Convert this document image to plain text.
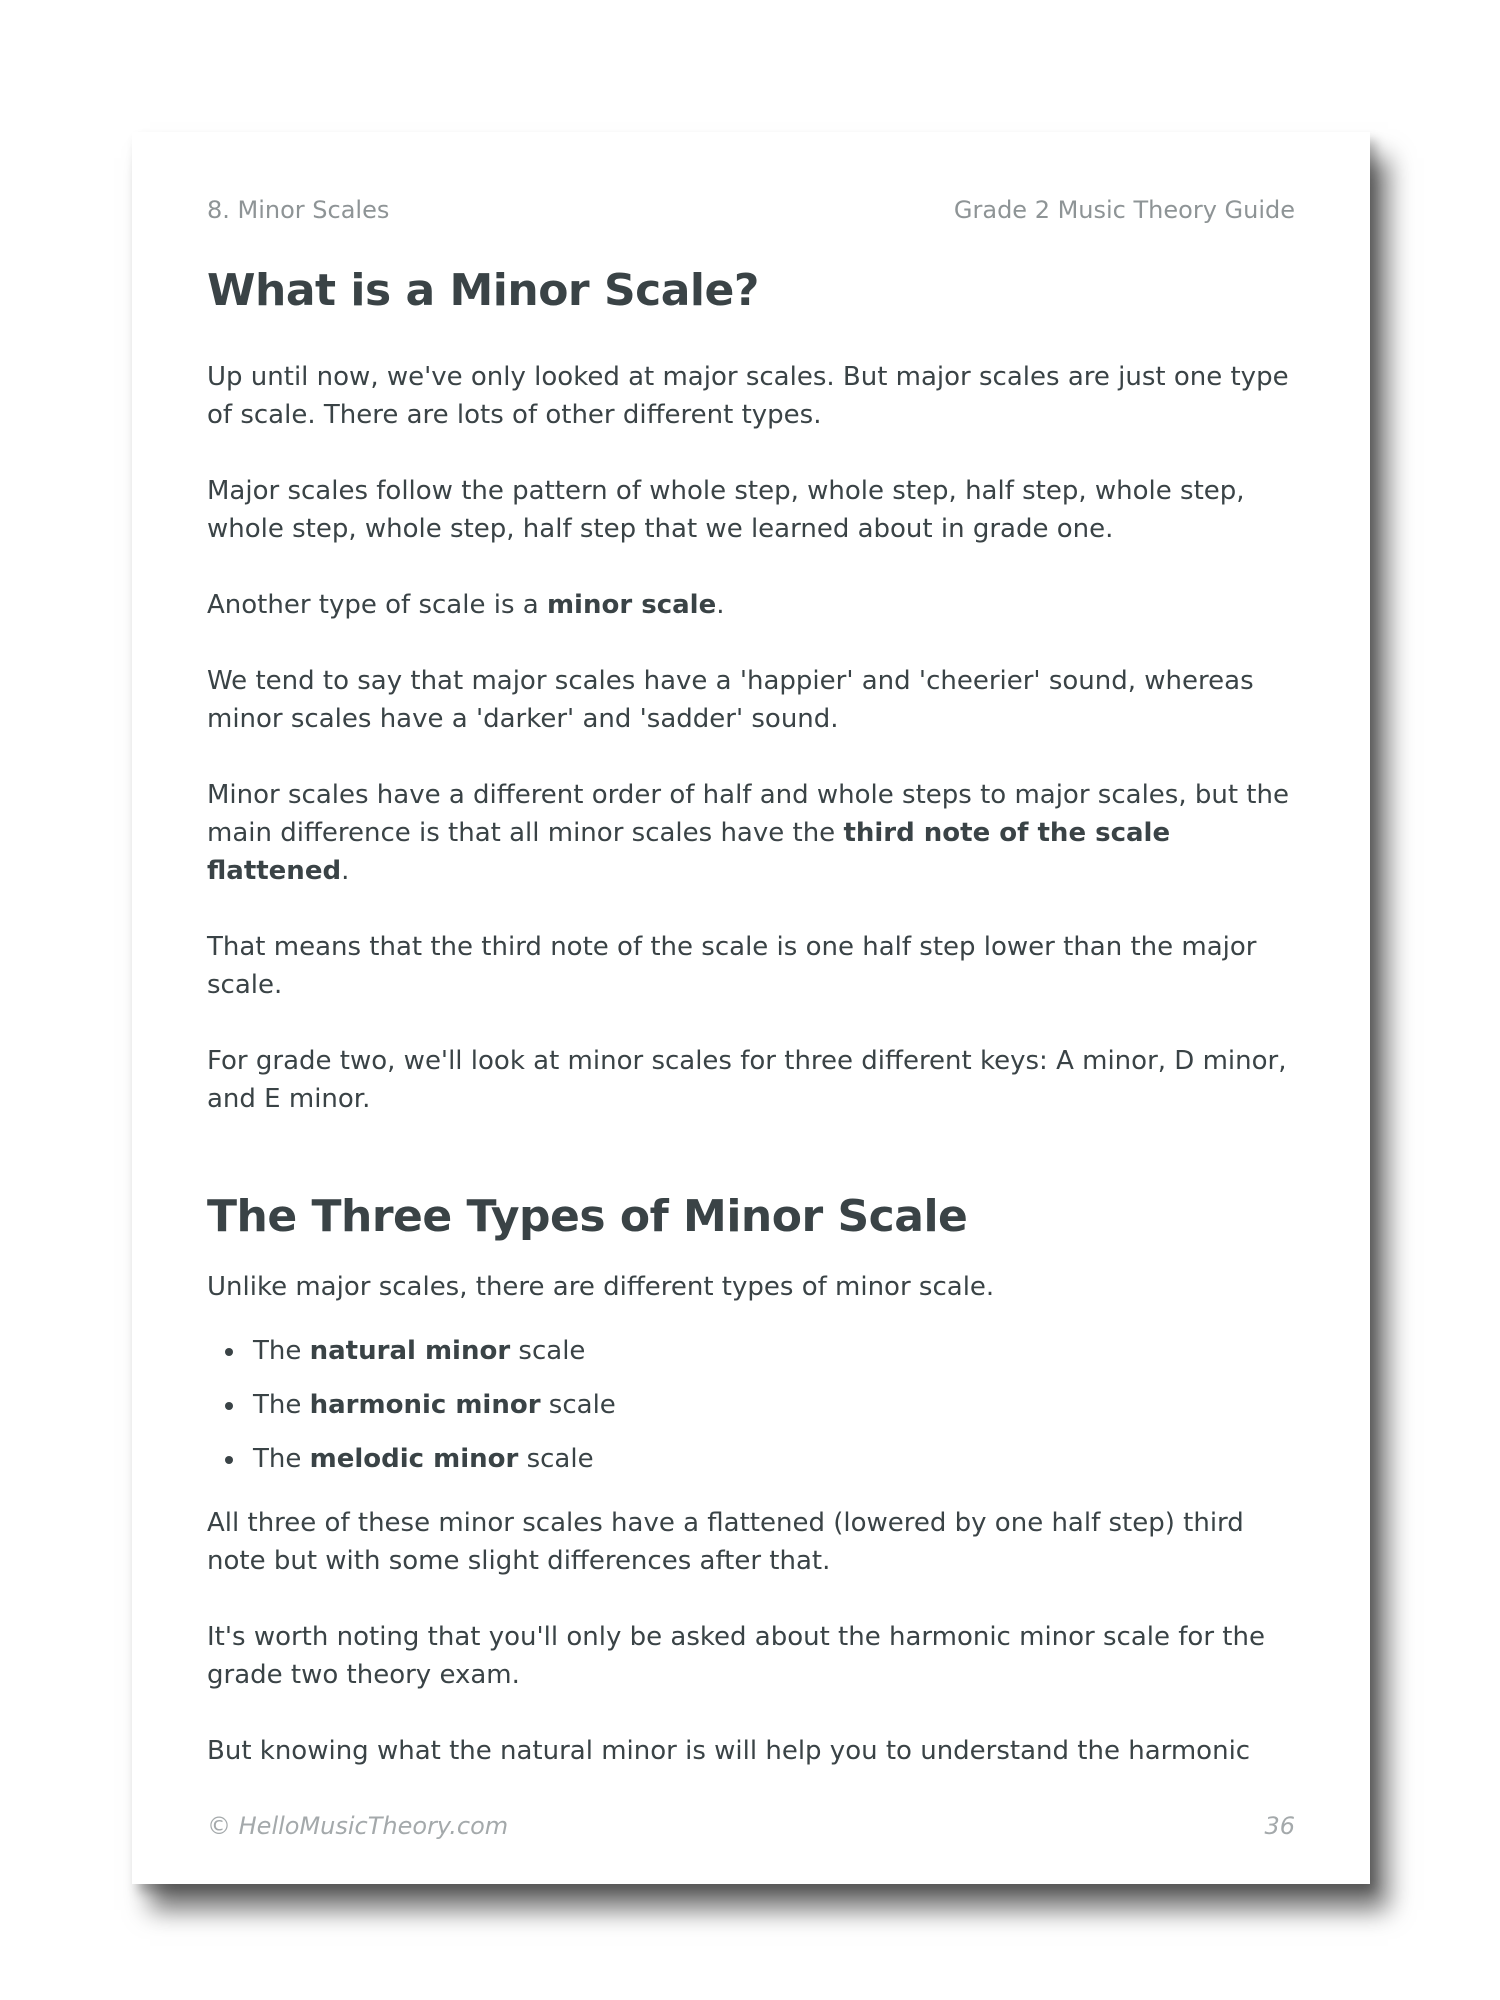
8. Minor Scales	Grade 2 Music Theory Guide
What is a Minor Scale?

Up until now, we've only looked at major scales. But major scales are just one type of scale. There are lots of other different types.

Major scales follow the pattern of whole step, whole step, half step, whole step, whole step, whole step, half step that we learned about in grade one.

Another type of scale is a minor scale.

We tend to say that major scales have a 'happier' and 'cheerier' sound, whereas minor scales have a 'darker' and 'sadder' sound.

Minor scales have a different order of half and whole steps to major scales, but the main difference is that all minor scales have the third note of the scale flattened.

That means that the third note of the scale is one half step lower than the major scale.

For grade two, we'll look at minor scales for three different keys: A minor, D minor, and E minor.

The Three Types of Minor Scale

Unlike major scales, there are different types of minor scale.

The natural minor scale
The harmonic minor scale
The melodic minor scale

All three of these minor scales have a flattened (lowered by one half step) third note but with some slight differences after that.

It's worth noting that you'll only be asked about the harmonic minor scale for the grade two theory exam.

But knowing what the natural minor is will help you to understand the harmonic

© HelloMusicTheory.com	36
